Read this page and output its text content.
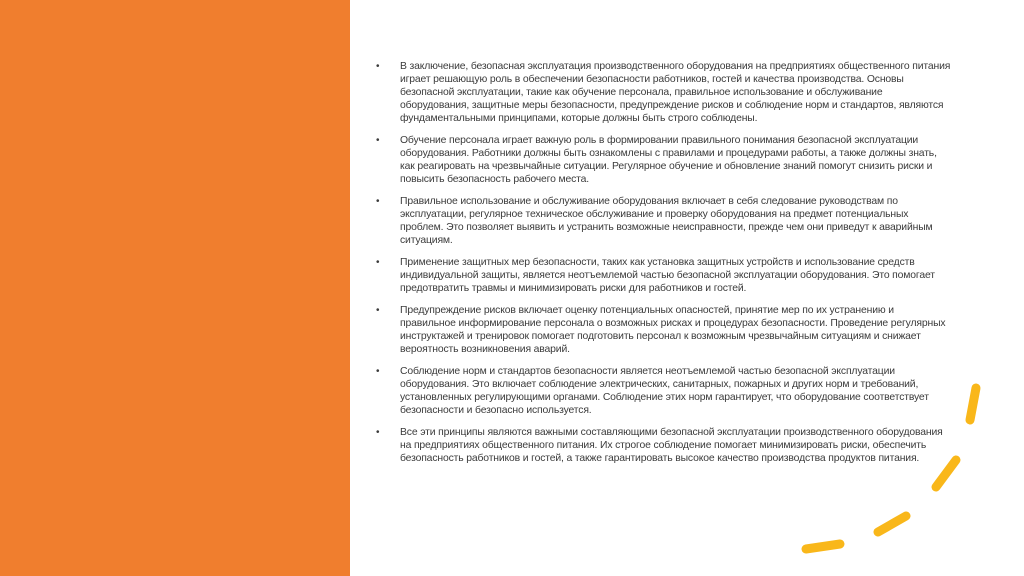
• В заключение, безопасная эксплуатация производственного оборудования на предприятиях общественного питания играет решающую роль в обеспечении безопасности работников, гостей и качества производства. Основы безопасной эксплуатации, такие как обучение персонала, правильное использование и обслуживание оборудования, защитные меры безопасности, предупреждение рисков и соблюдение норм и стандартов, являются фундаментальными принципами, которые должны быть строго соблюдены.
• Обучение персонала играет важную роль в формировании правильного понимания безопасной эксплуатации оборудования. Работники должны быть ознакомлены с правилами и процедурами работы, а также должны знать, как реагировать на чрезвычайные ситуации. Регулярное обучение и обновление знаний помогут снизить риски и повысить безопасность рабочего места.
• Правильное использование и обслуживание оборудования включает в себя следование руководствам по эксплуатации, регулярное техническое обслуживание и проверку оборудования на предмет потенциальных проблем. Это позволяет выявить и устранить возможные неисправности, прежде чем они приведут к аварийным ситуациям.
• Применение защитных мер безопасности, таких как установка защитных устройств и использование средств индивидуальной защиты, является неотъемлемой частью безопасной эксплуатации оборудования. Это помогает предотвратить травмы и минимизировать риски для работников и гостей.
• Предупреждение рисков включает оценку потенциальных опасностей, принятие мер по их устранению и правильное информирование персонала о возможных рисках и процедурах безопасности. Проведение регулярных инструктажей и тренировок помогает подготовить персонал к возможным чрезвычайным ситуациям и снижает вероятность возникновения аварий.
• Соблюдение норм и стандартов безопасности является неотъемлемой частью безопасной эксплуатации оборудования. Это включает соблюдение электрических, санитарных, пожарных и других норм и требований, установленных регулирующими органами. Соблюдение этих норм гарантирует, что оборудование соответствует безопасности и безопасно используется.
• Все эти принципы являются важными составляющими безопасной эксплуатации производственного оборудования на предприятиях общественного питания. Их строгое соблюдение помогает минимизировать риски, обеспечить безопасность работников и гостей, а также гарантировать высокое качество производства продуктов питания.
